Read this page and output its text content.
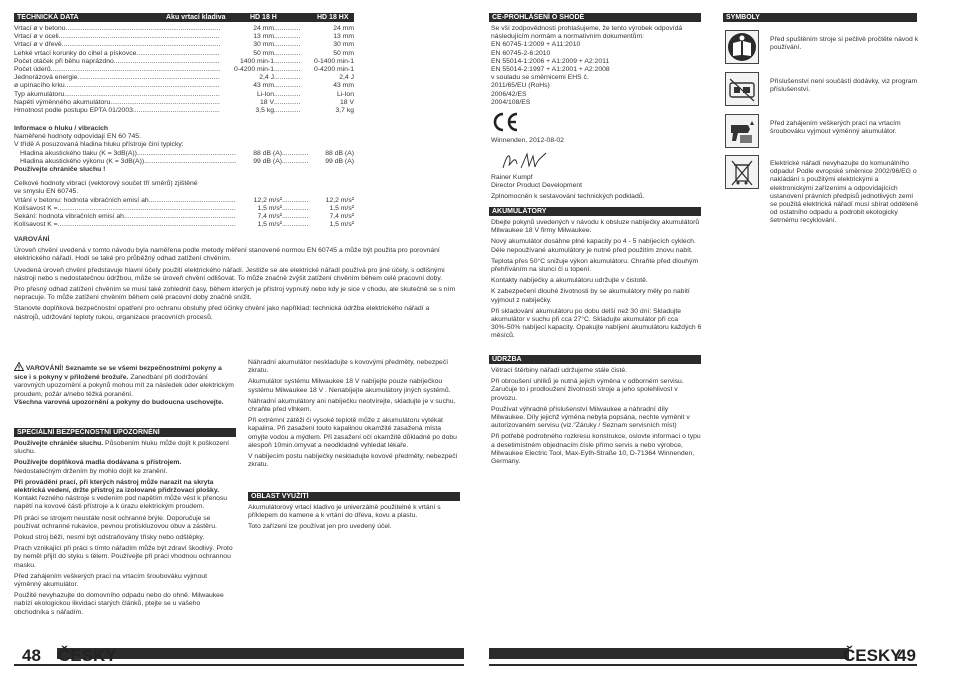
TECHNICKÁ DATA	Aku vrtací kladiva	HD 18 H	HD 18 HX
Vrtací ø v betonu .....	24 mm .....	24 mm
Vrtací ø v oceli .....	13 mm .....	13 mm
Vrtací ø v dřevě .....	30 mm .....	30 mm
Lehké vrtací korunky do cihel a pískovce .....	50 mm .....	50 mm
Počet otáček při běhu naprázdno .....	1400 min-1 .....	0-1400 min-1
Počet úderů .....	0-4200 min-1 .....	0-4200 min-1
Jednorázová energie .....	2,4 J .....	2,4 J
ø upínacího krku .....	43 mm .....	43 mm
Typ akumulátoru .....	Li-Ion .....	Li-Ion
Napětí výměnného akumulátoru .....	18 V .....	18 V
Hmotnost podle postupu EPTA 01/2003 .....	3,5 kg .....	3,7 kg
Informace o hluku / vibracích
Naměřené hodnoty odpovídají EN 60 745.
V třídě A posuzovaná hladina hluku přístroje činí typicky:
Hladina akustického tlaku (K = 3dB(A)) .....	88 dB (A) .....	88 dB (A)
Hladina akustického výkonu (K = 3dB(A)) .....	99 dB (A) .....	99 dB (A)
Používejte chrániče sluchu !
Celkové hodnoty vibrací (vektorový součet tří směrů) zjištěné
ve smyslu EN 60745.
Vrtání v betonu: hodnota vibračních emisí ah .....	12,2 m/s² .....	12,2 m/s²
Kolísavost K = .....	1,5 m/s² .....	1,5 m/s²
Sekání: hodnota vibračních emisí ah .....	7,4 m/s² .....	7,4 m/s²
Kolísavost K = .....	1,5 m/s² .....	1,5 m/s²
VAROVÁNÍ

Úroveň chvění uvedená v tomto návodu byla naměřena podle metody měření stanovené normou EN 60745 a může být použita pro porovnání elektrického nářadí. Hodí se také pro průběžný odhad zatížení chvěním.

Uvedená úroveň chvění představuje hlavní účely použití elektrického nářadí. Jestliže se ale elektrické nářadí používá pro jiné účely, s odlišnými nástroji nebo s nedostatečnou údržbou, může se úroveň chvění odlišovat. To může značně zvýšit zatížení chvěním během celé pracovní doby.

Pro přesný odhad zatížení chvěním se musí také zohlednit časy, během kterých je přístroj vypnutý nebo kdy je sice v chodu, ale skutečně se s ním nepracuje. To může zatížení chvěním během celé pracovní doby značně snížit.

Stanovte doplňková bezpečnostní opatření pro ochranu obsluhy před účinky chvění jako například: technická údržba elektrického nářadí a nástrojů, udržování teploty rukou, organizace pracovních procesů.

VAROVÁNÍ! Seznamte se se všemi bezpečnostními pokyny a sice i s pokyny v přiložené brožuře. Zanedbání při dodržování varovných upozornění a pokynů mohou mít za následek úder elektrickým proudem, požár a/nebo těžká poranění.
Všechna varovná upozornění a pokyny do budoucna uschovejte.
SPECIÁLNÍ BEZPEČNOSTNÍ UPOZORNĚNÍ

Používejte chrániče sluchu. Působením hluku může dojít k poškození sluchu.

Používejte doplňková madla dodávana s přístrojem.
Nedostatečným držením by mohlo dojít ke zranění.

Při provádění prací, při kterých nástroj může narazit na skryta elektrická vedení, držte přístroj za izolované přidržovací plošky. Kontakt řezného nástroje s vedením pod napětím může vést k přenosu napětí na kovové části přístroje a k úrazu elektrickým proudem.

Při práci se strojem neustále nosit ochranné brýle. Doporučuje se používat ochranné rukavice, pevnou protiskluzovou obuv a zástěru.

Pokud stroj běží, nesmí být odstraňovány třísky nebo odštěpky.

Prach vznikající při práci s tímto nářadím může být zdraví škodlivý. Proto by neměl přijít do styku s tělem. Používejte při práci vhodnou ochrannou masku.

Před zahájením veškerých prací na vrtacím šroubováku vyjmout výměnný akumulátor.

Použité nevyhazujte do domovního odpadu nebo do ohně. Milwaukee nabízí ekologickou likvidaci starých článků, ptejte se u vašeho obchodníka s nářadím.

Náhradní akumulátor neskladujte s kovovými předměty, nebezpečí zkratu.

Akumulátor systému Milwaukee 18 V nabíjejte pouze nabíječkou systému Milwaukee 18 V . Nenabíjejte akumulátory jiných systémů.

Náhradní akumulátory ani nabíječku neotvírejte, skladujte je v suchu, chraňte před vlhkem.

Při extrémní zátěži či vysoké teplotě může z akumulátoru vytékat kapalina. Při zasažení touto kapalinou okamžitě zasažená místa omyjte vodou a mýdlem. Při zasažení očí okamžitě důkladně po dobu alespoň 10min.omyvat a neodkladně vyhledat lékaře.

V nabíjecím postu nabíječky neskladujte kovové předměty, nebezpečí zkratu.

OBLAST VYUŽITÍ

Akumulátorový vrtací kladivo je univerzálně použitelné k vrtání s příklepem do kamene a k vrtání do dřeva, kovu a plastu.

Toto zařízení lze používat jen pro uvedený účel.

48 ČESKY
CE-PROHLÁŠENÍ O SHODĚ
Se vší zodpovědností prohlašujeme, že tento výrobek odpovídá
následujícím normám a normativním dokumentům:
EN 60745-1:2009 + A11:2010
EN 60745-2-6:2010
EN 55014-1:2006 + A1:2009 + A2:2011
EN 55014-2:1997 + A1:2001 + A2:2008
v souladu se směrnicemi EHS č.
2011/65/EU (RoHs)
2006/42/ES
2004/108/ES
Winnenden, 2012-08-02
Rainer Kumpf
Director Product Development
Zplnomocněn k sestavování technických podkladů.
AKUMULÁTORY

Dbejte pokynů uvedených v návodu k obsluze nabíječky akumulátorů Milwaukee 18 V firmy Milwaukee.

Nový akumulátor dosáhne plné kapacity po 4 - 5 nabíjecích cyklech. Déle nepoužívané akumulátory je nutné před použitím znovu nabít.

Teplota přes 50°C snižuje výkon akumulátoru. Chraňte před dlouhým přehříváním na slunci či u topení.

Kontakty nabíječky a akumulátoru udržujte v čistotě.

K zabezpečení dlouhé životnosti by se akumulátory měly po nabití vyjmout z nabíječky.

Při skladování akumulátoru po dobu delší než 30 dní: Skladujte akumulátor v suchu při cca 27°C. Skladujte akumulátor při cca 30%-50% nabíjecí kapacity. Opakujte nabíjení akumulátoru každých 6 měsíců.

ÚDRŽBA

Větrací štěrbiny nářadí udržujeme stále čisté.

Při obroušení uhlíků je nutná jejich výměna v odborném servisu. Zaručuje to i prodloužení životnosti stroje a jeho spolehlivost v provozu.

Používat výhradně příslušenství Milwaukee a náhradní díly Milwaukee. Díly jejichž výměna nebyla popsána, nechte vyměnit v autorizovaném servisu (viz."Záruky / Seznam servisních míst)

Při potřebě podrobného rozkresu konstrukce, oslovte informací o typu a desetimístném objednacím čísle přímo servis a nebo výrobce, Milwaukee Electric Tool, Max-Eyth-Straße 10, D-71364 Winnenden, Germany.

SYMBOLY
Před spuštěním stroje si pečlivě pročtěte návod k používání.
Příslušenství není součástí dodávky, viz program příslušenství.
Před zahájením veškerých prací na vrtacím šroubováku vyjmout výměnný akumulátor.
Elektrické nářadí nevyhazujte do komunálního odpadu! Podle evropské směrnice 2002/96/EG o nakládání s použitými elektrickými a elektronickými zařízeními a odpovídajících ustanovení právních předpisů jednotlivých zemí se použitá elektrická nářadí musí sbírat odděleně od ostatního odpadu a podrobit ekologicky šetrnému recyklování.
ČESKY
49
